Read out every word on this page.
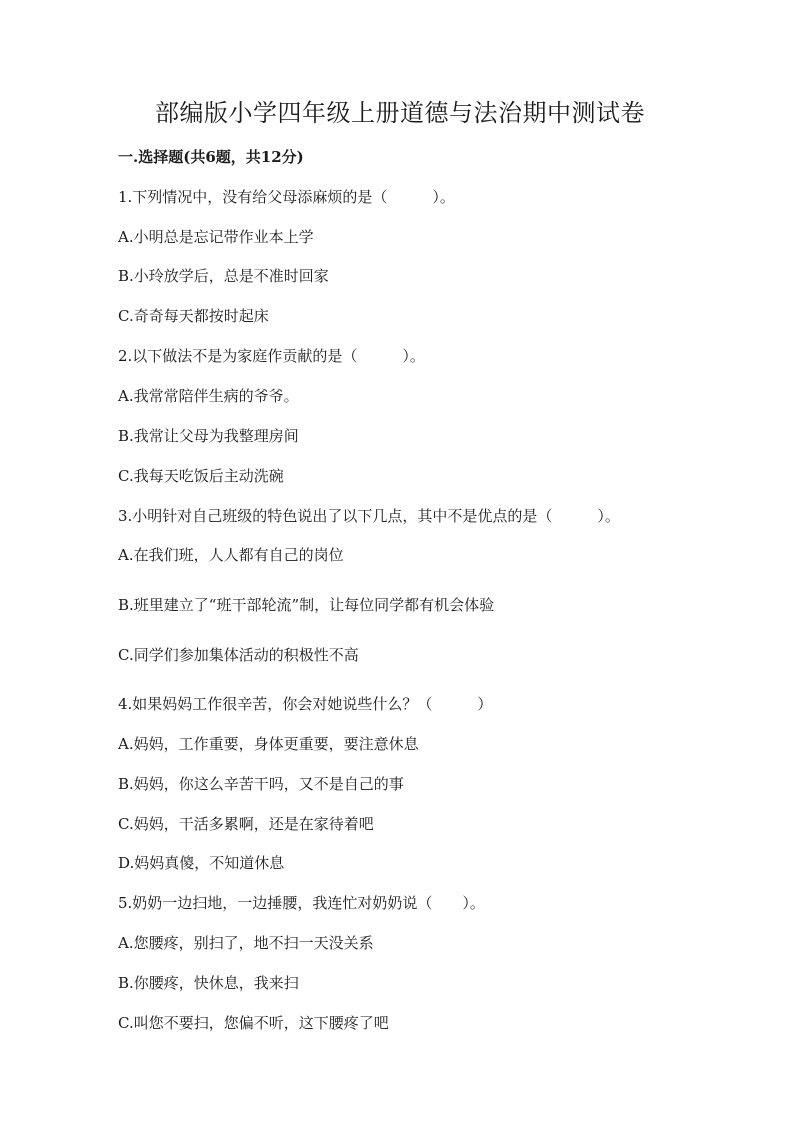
部编版小学四年级上册道德与法治期中测试卷

一.选择题(共6题，共12分)

1.下列情况中，没有给父母添麻烦的是（　　　）。

A.小明总是忘记带作业本上学

B.小玲放学后，总是不准时回家

C.奇奇每天都按时起床

2.以下做法不是为家庭作贡献的是（　　　）。

A.我常常陪伴生病的爷爷。

B.我常让父母为我整理房间

C.我每天吃饭后主动洗碗

3.小明针对自己班级的特色说出了以下几点，其中不是优点的是（　　　）。

A.在我们班，人人都有自己的岗位

B.班里建立了“班干部轮流”制，让每位同学都有机会体验

C.同学们参加集体活动的积极性不高

4.如果妈妈工作很辛苦，你会对她说些什么？（　　　）

A.妈妈，工作重要，身体更重要，要注意休息

B.妈妈，你这么辛苦干吗，又不是自己的事

C.妈妈，干活多累啊，还是在家待着吧

D.妈妈真傻，不知道休息

5.奶奶一边扫地，一边捶腰，我连忙对奶奶说（　　）。

A.您腰疼，别扫了，地不扫一天没关系

B.你腰疼，快休息，我来扫

C.叫您不要扫，您偏不听，这下腰疼了吧
